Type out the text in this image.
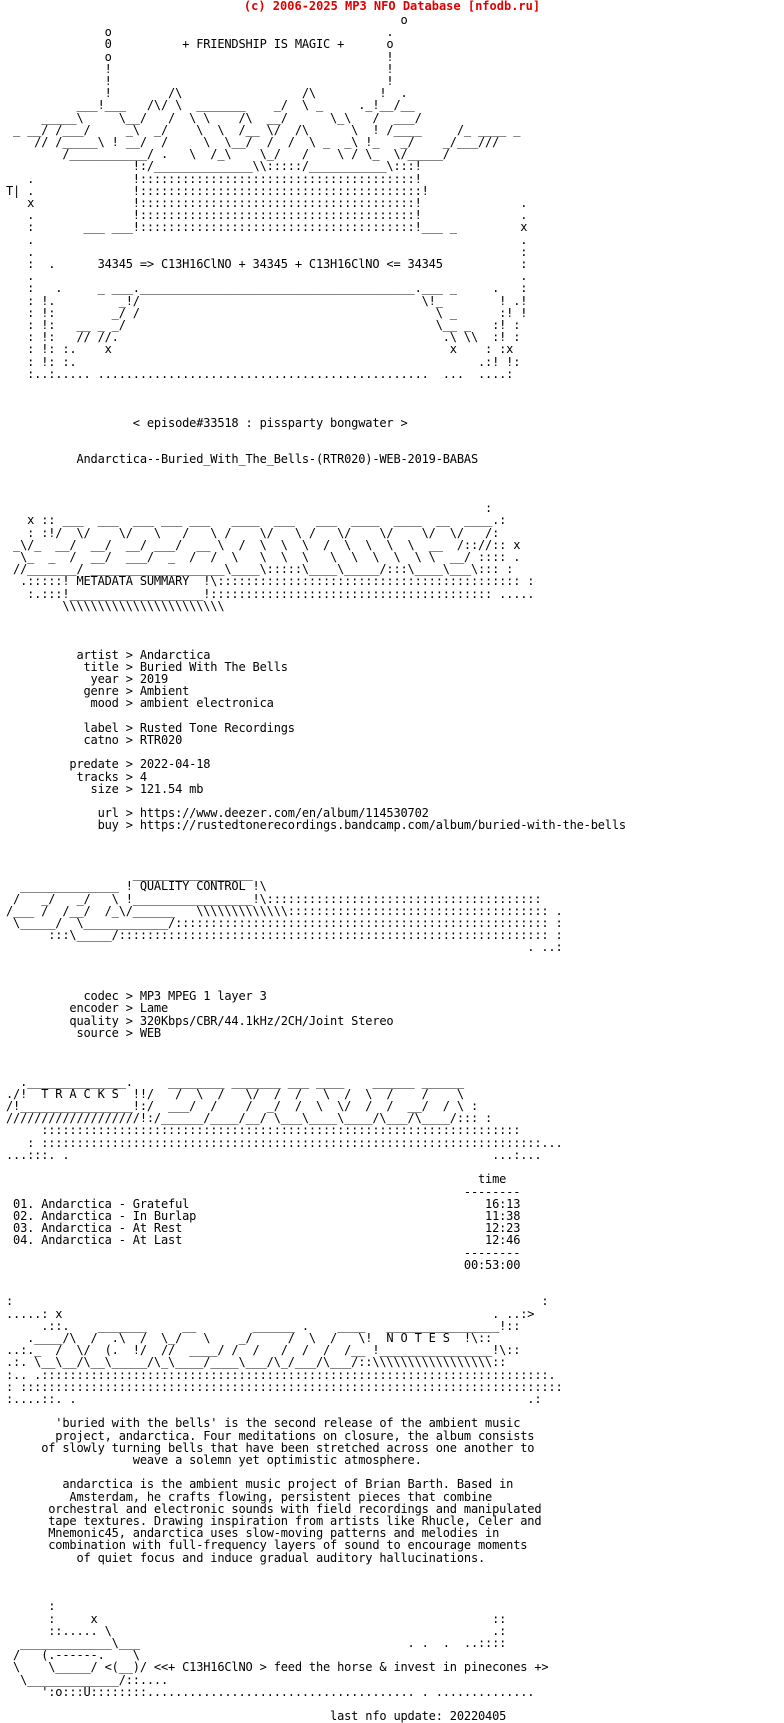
(c) 2006-2025 MP3 NFO Database [nfodb.ru]
o
o                                       .
0          + FRIENDSHIP IS MAGIC +      o
o                                       !
!                                       !
!                                       !
!        /\                 /\         !  .
___!___   /\/ \  _______    _/  \ _     ._!__/__
_____\     \__/   /  \ \    /\  __/      \_\   /  ___/
_ __/ /___/     _\  _/    \  \  /__ \/  /\      \  ! /____     /_ ____ _
// /_____\ ! __/  /     \  \__/  /  /  \ _  _\ !_   _/    _/___///
/___________/ .   \  /_\    \_/   /    \ / \_  \/_____/
!:/______________\\:::::/___________\:::!
.              !:::::::::::::::::::::::::::::::::::::::!
T| .              !::::::::::::::::::::::::::::::::::::::::!
x              !:::::::::::::::::::::::::::::::::::::::!              .
.              !:::::::::::::::::::::::::::::::::::::::!              .
:       ___ ___!:::::::::::::::::::::::::::::::::::::::!___ _         x
.                                                                     .
.                                                                     :
:  .      34345 => C13H16ClNO + 34345 + C13H16ClNO <= 34345           :
.                                                                     .
:   .     _ ___._______________________________________.___ _     .   :
: !.         _!/                                        \!_        ! .!
: !:        _/ /                                          \ _      :! !
: !:   __ _ _/                                            \__ _   :! :
: !:   // //.                                              .\ \\  :! :
: !: :.    x                                                x    : :x
: !: :.                                                         .:! !:
:..:..... ...............................................  ...  ....:

< episode#33518 : pissparty bongwater >

Andarctica--Buried_With_The_Bells-(RTR020)-WEB-2019-BABAS

:
x :: ___  ___  ___ ___ ___   ____  ___   ___  ____  ____  __  ____.:
: :!/  \/    \/   \   /   \ /    \/   \ /   \/    \/    \/  \/   /:
_\/_  __/  __/  __/ ___/  __ \  /  \  \  \  /  \  \  \  \  __  /:://:: x
\_  _  /  __/  ___/  _  /  /  \   \  \  \   \  \  \  \  \ \  __/ :::: .
//_______/ ___________________\____\:::::\____\_____/:::\____\___\::: :
.:::::! METADATA SUMMARY  !\::::::::::::::::::::::::::::::::::::::::::: :
:.:::!___________________!:::::::::::::::::::::::::::::::::::::::: .....
\\\\\\\\\\\\\\\\\\\\\\\

artist > Andarctica
title > Buried With The Bells
year > 2019
genre > Ambient
mood > ambient electronica

label > Rusted Tone Recordings
catno > RTR020

predate > 2022-04-18
tracks > 4
size > 121.54 mb

url > https://www.deezer.com/en/album/114530702
buy > https://rustedtonerecordings.bandcamp.com/album/buried-with-the-bells

_________________
______________ ! QUALITY CONTROL !\
/   _/   _/   \ !_________________!\:::::::::::::::::::::::::::::::::::::::
/___ /  /__/  /_\/______   \\\\\\\\\\\\\::::::::::::::::::::::::::::::::::::: .
\_____/  \____________/::::::::::::::::::::::::::::::::::::::::::::::::::::: :
:::\_____/::::::::::::::::::::::::::::::::::::::::::::::::::::::::::::: :
. ..:

codec > MP3 MPEG 1 layer 3
encoder > Lame
quality > 320Kbps/CBR/44.1kHz/2CH/Joint Stereo
source > WEB

.______________.     ________ _______ ___ ____    ______ ______
./!  T R A C K S  !!/   /  \  /   \/  /  /   \  /  \  /    /    \
/!________________!:/  ___/  /    /  _/  /  \  \/  /  /  __/  / \ :
///////////////////!:/______/____/__/ \___\____\____/\___/\____/::: :
::::::::::::::::::::::::::::::::::::::::::::::::::::::::::::::::::::
: :::::::::::::::::::::::::::::::::::::::::::::::::::::::::::::::::::::::...
...:::. .                                                            ...:...

time
--------
01. Andarctica - Grateful                                          16:13
02. Andarctica - In Burlap                                         11:38
03. Andarctica - At Rest                                           12:23
04. Andarctica - At Last                                           12:46
--------
00:53:00

:                                                                           :
.....: x                                                             . ..:>
.::.    _______     __        ______ .    ____   ________________!::
.____/\  /  .\  /  \_/   \    _/     /  \  /   \!  N O T E S  !\::
..:._  /  \/  (.  !/  //  ____/ /  /   /  /  /  /__ !________________!\::
.:. \__\__/\__\_____/\_\____/____\___/\_/___/\___/::\\\\\\\\\\\\\\\\\::
:.. .::::::::::::::::::::::::::::::::::::::::::::::::::::::::::::::::::::::::.
: :::::::::::::::::::::::::::::::::::::::::::::::::::::::::::::::::::::::::::::
:....::. .                                                                .:

'buried with the bells' is the second release of the ambient music
project, andarctica. Four meditations on closure, the album consists
of slowly turning bells that have been stretched across one another to
weave a solemn yet optimistic atmosphere.

andarctica is the ambient music project of Brian Barth. Based in
Amsterdam, he crafts flowing, persistent pieces that combine
orchestral and electronic sounds with field recordings and manipulated
tape textures. Drawing inspiration from artists like Rhucle, Celer and
Mnemonic45, andarctica uses slow-moving patterns and melodies in
combination with full-frequency layers of sound to encourage moments
of quiet focus and induce gradual auditory hallucinations.

:
:     x                                                        ::
::..... \                                                      .:
_____________\___                                      . .  .  ..::::
/   (.------.    \
\    \_____/ <(__)/ <<+ C13H16ClNO > feed the horse & invest in pinecones +>
\_____________/::....
':o:::U::::::::...................................... . ..............

last nfo update: 20220405
